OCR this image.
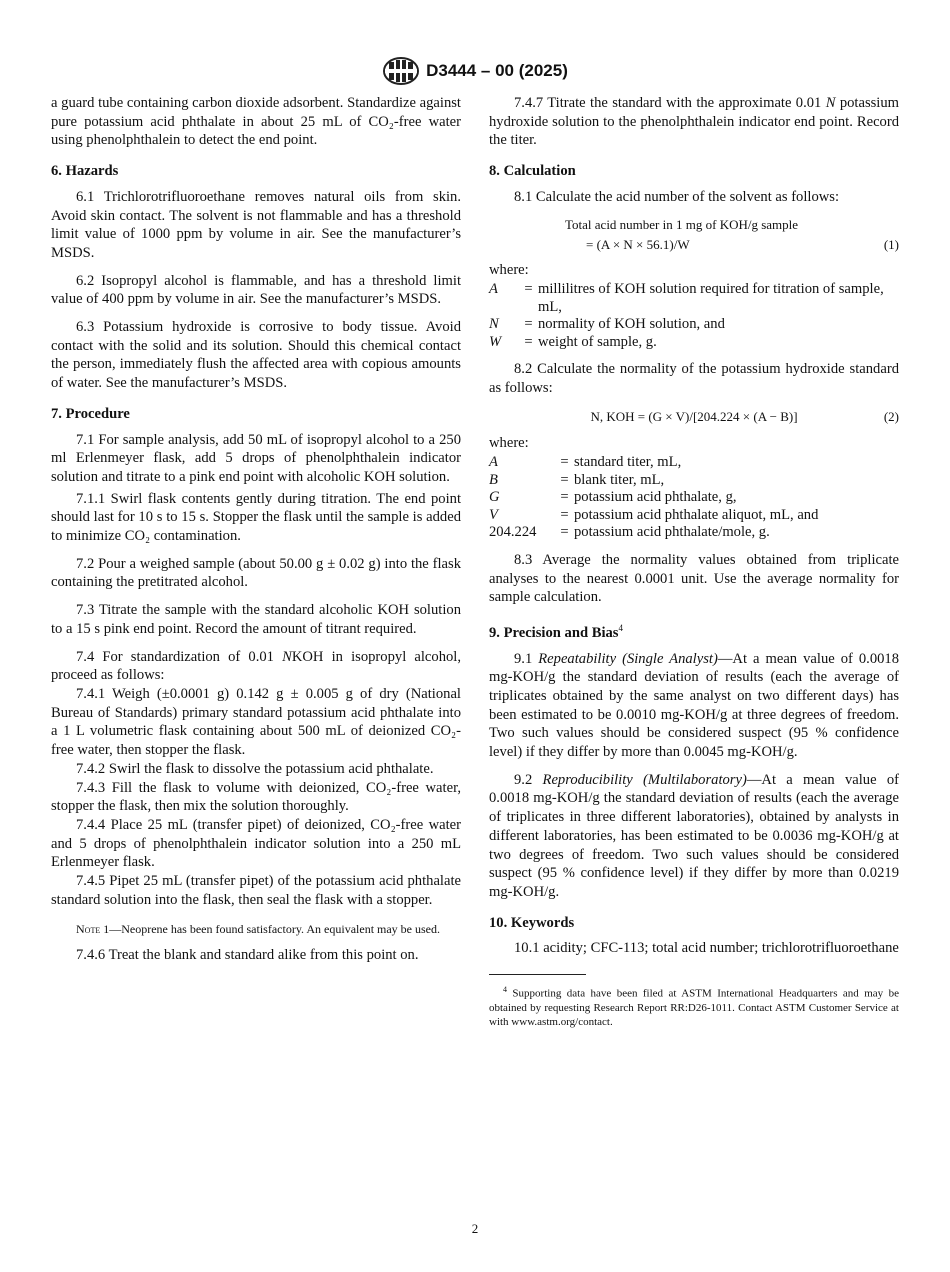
D3444 – 00 (2025)

a guard tube containing carbon dioxide adsorbent. Standardize against pure potassium acid phthalate in about 25 mL of CO₂-free water using phenolphthalein to detect the end point.

6. Hazards

6.1 Trichlorotrifluoroethane removes natural oils from skin. Avoid skin contact. The solvent is not flammable and has a threshold limit value of 1000 ppm by volume in air. See the manufacturer’s MSDS.

6.2 Isopropyl alcohol is flammable, and has a threshold limit value of 400 ppm by volume in air. See the manufacturer’s MSDS.

6.3 Potassium hydroxide is corrosive to body tissue. Avoid contact with the solid and its solution. Should this chemical contact the person, immediately flush the affected area with copious amounts of water. See the manufacturer’s MSDS.

7. Procedure

7.1 For sample analysis, add 50 mL of isopropyl alcohol to a 250 ml Erlenmeyer flask, add 5 drops of phenolphthalein indicator solution and titrate to a pink end point with alcoholic KOH solution.

7.1.1 Swirl flask contents gently during titration. The end point should last for 10 s to 15 s. Stopper the flask until the sample is added to minimize CO₂ contamination.

7.2 Pour a weighed sample (about 50.00 g ± 0.02 g) into the flask containing the pretitrated alcohol.

7.3 Titrate the sample with the standard alcoholic KOH solution to a 15 s pink end point. Record the amount of titrant required.

7.4 For standardization of 0.01 NKOH in isopropyl alcohol, proceed as follows:

7.4.1 Weigh (±0.0001 g) 0.142 g ± 0.005 g of dry (National Bureau of Standards) primary standard potassium acid phthalate into a 1 L volumetric flask containing about 500 mL of deionized CO₂-free water, then stopper the flask.

7.4.2 Swirl the flask to dissolve the potassium acid phthalate.

7.4.3 Fill the flask to volume with deionized, CO₂-free water, stopper the flask, then mix the solution thoroughly.

7.4.4 Place 25 mL (transfer pipet) of deionized, CO₂-free water and 5 drops of phenolphthalein indicator solution into a 250 mL Erlenmeyer flask.

7.4.5 Pipet 25 mL (transfer pipet) of the potassium acid phthalate standard solution into the flask, then seal the flask with a stopper.

Note 1—Neoprene has been found satisfactory. An equivalent may be used.

7.4.6 Treat the blank and standard alike from this point on.

7.4.7 Titrate the standard with the approximate 0.01 N potassium hydroxide solution to the phenolphthalein indicator end point. Record the titer.

8. Calculation

8.1 Calculate the acid number of the solvent as follows:

Total acid number in 1 mg of KOH/g sample
= (A × N × 56.1)/W	(1)

where:

A	=	millilitres of KOH solution required for titration of sample, mL,
N	=	normality of KOH solution, and
W	=	weight of sample, g.

8.2 Calculate the normality of the potassium hydroxide standard as follows:

N, KOH = (G × V)/[204.224 × (A − B)]	(2)

where:

A	=	standard titer, mL,
B	=	blank titer, mL,
G	=	potassium acid phthalate, g,
V	=	potassium acid phthalate aliquot, mL, and
204.224	=	potassium acid phthalate/mole, g.

8.3 Average the normality values obtained from triplicate analyses to the nearest 0.0001 unit. Use the average normality for sample calculation.

9. Precision and Bias$^4$

9.1 Repeatability (Single Analyst)—At a mean value of 0.0018 mg-KOH/g the standard deviation of results (each the average of triplicates obtained by the same analyst on two different days) has been estimated to be 0.0010 mg-KOH/g at three degrees of freedom. Two such values should be considered suspect (95 % confidence level) if they differ by more than 0.0045 mg-KOH/g.

9.2 Reproducibility (Multilaboratory)—At a mean value of 0.0018 mg-KOH/g the standard deviation of results (each the average of triplicates in three different laboratories), obtained by analysts in different laboratories, has been estimated to be 0.0036 mg-KOH/g at two degrees of freedom. Two such values should be considered suspect (95 % confidence level) if they differ by more than 0.0219 mg-KOH/g.

10. Keywords

10.1 acidity; CFC-113; total acid number; trichlorotrifluoroethane

$^4$ Supporting data have been filed at ASTM International Headquarters and may be obtained by requesting Research Report RR:D26-1011. Contact ASTM Customer Service at with www.astm.org/contact.

2
